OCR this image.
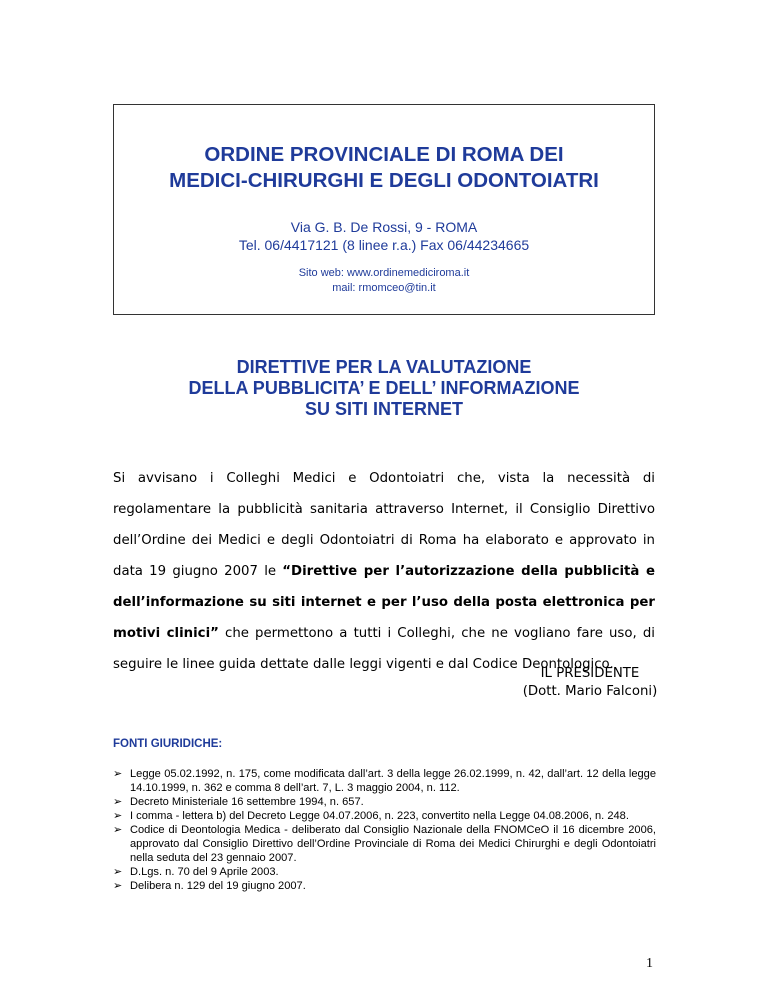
ORDINE PROVINCIALE DI ROMA DEI
MEDICI-CHIRURGHI E DEGLI ODONTOIATRI
Via G. B. De Rossi, 9 - ROMA
Tel. 06/4417121 (8 linee r.a.) Fax 06/44234665
Sito web: www.ordinemediciroma.it
mail: rmomceo@tin.it
DIRETTIVE PER LA VALUTAZIONE
DELLA PUBBLICITA’ E DELL’ INFORMAZIONE
SU SITI INTERNET
Si avvisano i Colleghi Medici e Odontoiatri che, vista la necessità di regolamentare la pubblicità sanitaria attraverso Internet, il Consiglio Direttivo dell’Ordine dei Medici e degli Odontoiatri di Roma ha elaborato e approvato in data 19 giugno 2007 le “Direttive per l’autorizzazione della pubblicità e dell’informazione su siti internet e per l’uso della posta elettronica per motivi clinici” che permettono a tutti i Colleghi, che ne vogliano fare uso, di seguire le linee guida dettate dalle leggi vigenti e dal Codice Deontologico.
IL PRESIDENTE
(Dott. Mario Falconi)
FONTI GIURIDICHE:
➢ Legge 05.02.1992, n. 175, come modificata dall’art. 3 della legge 26.02.1999, n. 42, dall’art. 12 della legge 14.10.1999, n. 362 e comma 8 dell’art. 7, L. 3 maggio 2004, n. 112.
➢ Decreto Ministeriale 16 settembre 1994, n. 657.
➢ I comma - lettera b) del Decreto Legge 04.07.2006, n. 223, convertito nella Legge 04.08.2006, n. 248.
➢ Codice di Deontologia Medica - deliberato dal Consiglio Nazionale della FNOMCeO il 16 dicembre 2006, approvato dal Consiglio Direttivo dell’Ordine Provinciale di Roma dei Medici Chirurghi e degli Odontoiatri nella seduta del 23 gennaio 2007.
➢ D.Lgs. n. 70 del 9 Aprile 2003.
➢ Delibera n. 129 del 19 giugno 2007.
1
